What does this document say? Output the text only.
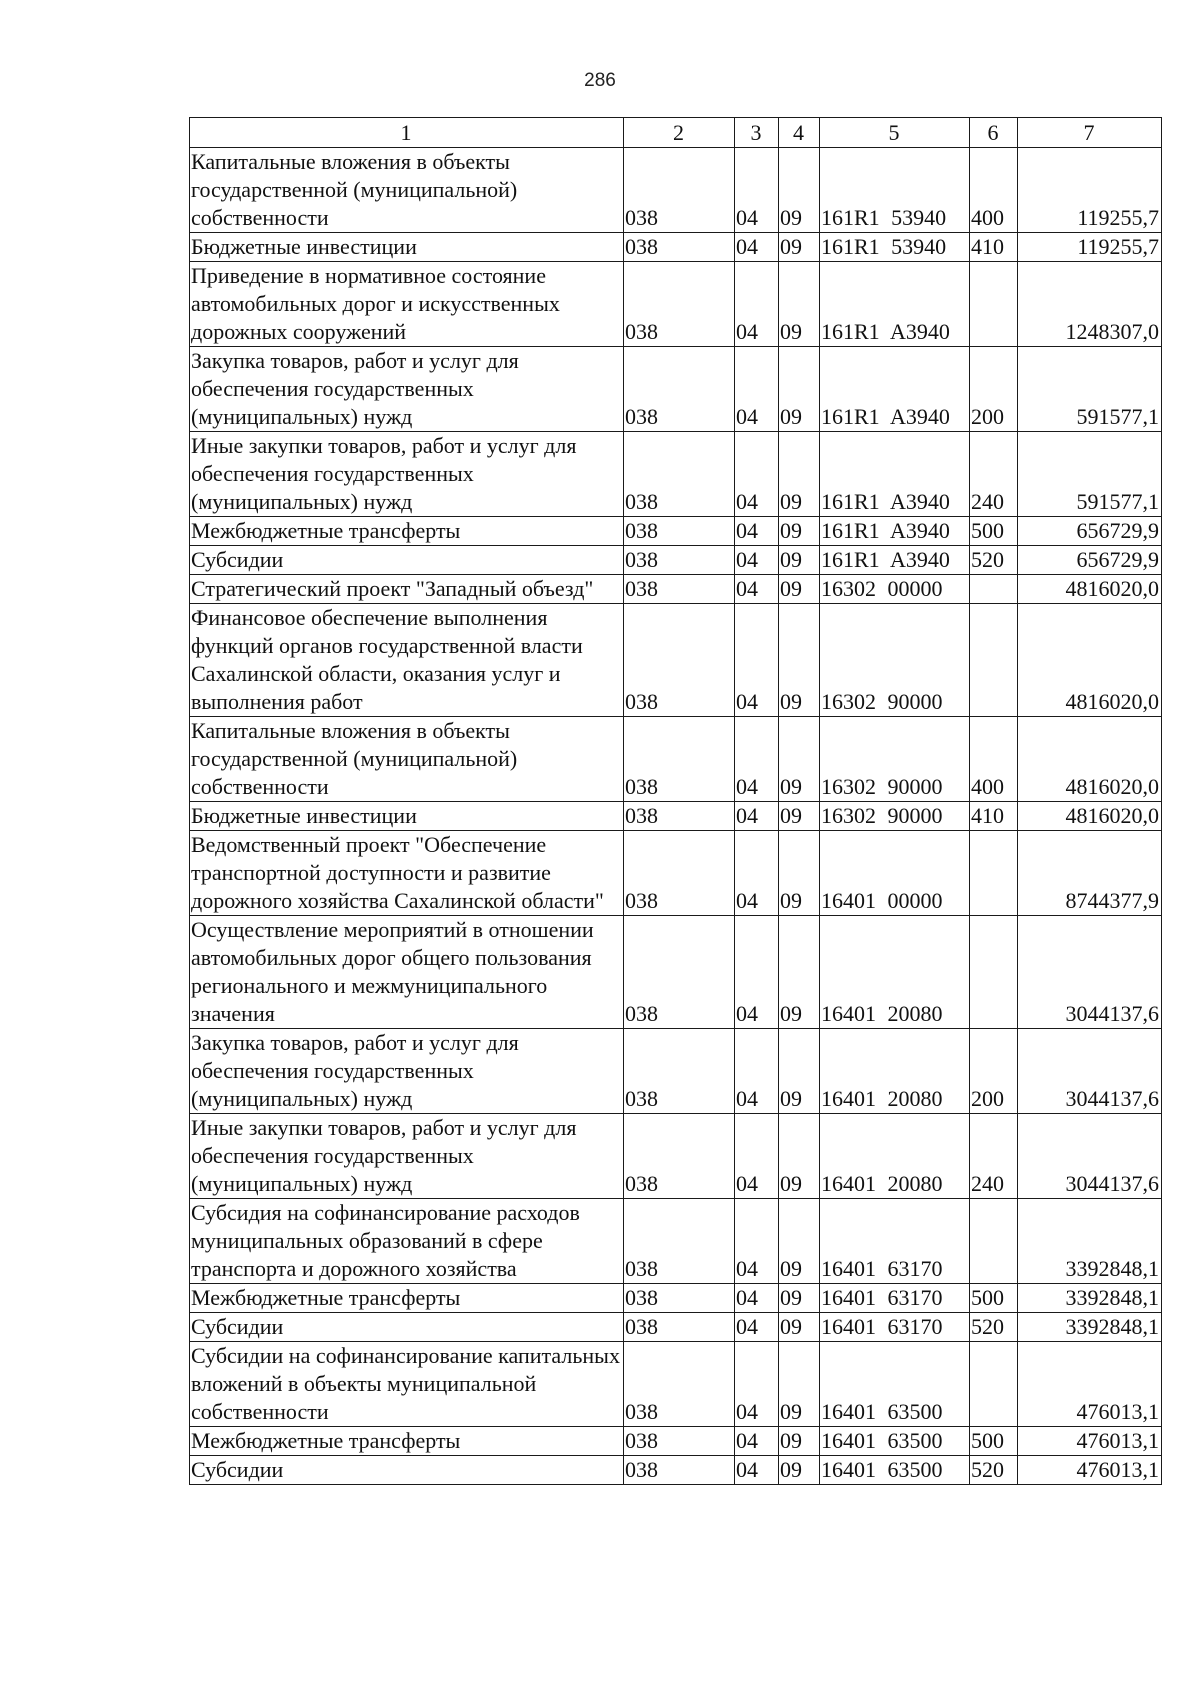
286
1	2	3	4	5	6	7
Капитальные вложения в объекты государственной (муниципальной) собственности	038	04	09	161R1 53940	400	119255,7
Бюджетные инвестиции	038	04	09	161R1 53940	410	119255,7
Приведение в нормативное состояние автомобильных дорог и искусственных дорожных сооружений	038	04	09	161R1 A3940		1248307,0
Закупка товаров, работ и услуг для обеспечения государственных (муниципальных) нужд	038	04	09	161R1 A3940	200	591577,1
Иные закупки товаров, работ и услуг для обеспечения государственных (муниципальных) нужд	038	04	09	161R1 A3940	240	591577,1
Межбюджетные трансферты	038	04	09	161R1 A3940	500	656729,9
Субсидии	038	04	09	161R1 A3940	520	656729,9
Стратегический проект "Западный объезд"	038	04	09	16302 00000		4816020,0
Финансовое обеспечение выполнения функций органов государственной власти Сахалинской области, оказания услуг и выполнения работ	038	04	09	16302 90000		4816020,0
Капитальные вложения в объекты государственной (муниципальной) собственности	038	04	09	16302 90000	400	4816020,0
Бюджетные инвестиции	038	04	09	16302 90000	410	4816020,0
Ведомственный проект "Обеспечение транспортной доступности и развитие дорожного хозяйства Сахалинской области"	038	04	09	16401 00000		8744377,9
Осуществление мероприятий в отношении автомобильных дорог общего пользования регионального и межмуниципального значения	038	04	09	16401 20080		3044137,6
Закупка товаров, работ и услуг для обеспечения государственных (муниципальных) нужд	038	04	09	16401 20080	200	3044137,6
Иные закупки товаров, работ и услуг для обеспечения государственных (муниципальных) нужд	038	04	09	16401 20080	240	3044137,6
Субсидия на софинансирование расходов муниципальных образований в сфере транспорта и дорожного хозяйства	038	04	09	16401 63170		3392848,1
Межбюджетные трансферты	038	04	09	16401 63170	500	3392848,1
Субсидии	038	04	09	16401 63170	520	3392848,1
Субсидии на софинансирование капитальных вложений в объекты муниципальной собственности	038	04	09	16401 63500		476013,1
Межбюджетные трансферты	038	04	09	16401 63500	500	476013,1
Субсидии	038	04	09	16401 63500	520	476013,1
